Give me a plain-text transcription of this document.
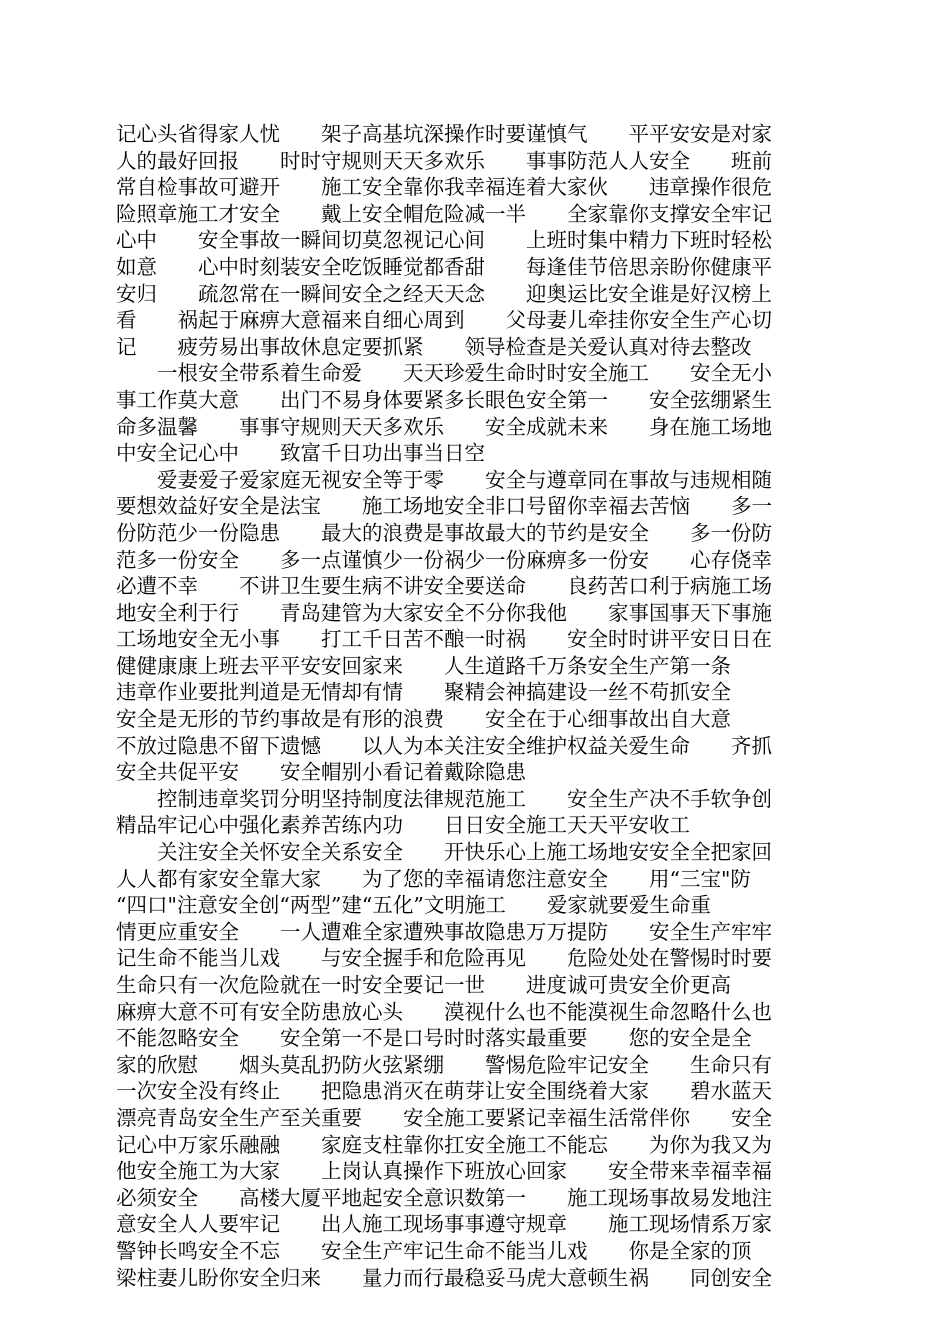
记心头省得家人忧　　架子高基坑深操作时要谨慎气　　平平安安是对家
人的最好回报　　时时守规则天天多欢乐　　事事防范人人安全　　班前
常自检事故可避开　　施工安全靠你我幸福连着大家伙　　违章操作很危
险照章施工才安全　　戴上安全帽危险减一半　　全家靠你支撑安全牢记
心中　　安全事故一瞬间切莫忽视记心间　　上班时集中精力下班时轻松
如意　　心中时刻装安全吃饭睡觉都香甜　　每逢佳节倍思亲盼你健康平
安归　　疏忽常在一瞬间安全之经天天念　　迎奥运比安全谁是好汉榜上
看　　祸起于麻痹大意福来自细心周到　　父母妻儿牵挂你安全生产心切
记　　疲劳易出事故休息定要抓紧　　领导检查是关爱认真对待去整改
　　一根安全带系着生命爱　　天天珍爱生命时时安全施工　　安全无小
事工作莫大意　　出门不易身体要紧多长眼色安全第一　　安全弦绷紧生
命多温馨　　事事守规则天天多欢乐　　安全成就未来　　身在施工场地
中安全记心中　　致富千日功出事当日空
　　爱妻爱子爱家庭无视安全等于零　　安全与遵章同在事故与违规相随
要想效益好安全是法宝　　施工场地安全非口号留你幸福去苦恼　　多一
份防范少一份隐患　　最大的浪费是事故最大的节约是安全　　多一份防
范多一份安全　　多一点谨慎少一份祸少一份麻痹多一份安　　心存侥幸
必遭不幸　　不讲卫生要生病不讲安全要送命　　良药苦口利于病施工场
地安全利于行　　青岛建管为大家安全不分你我他　　家事国事天下事施
工场地安全无小事　　打工千日苦不酿一时祸　　安全时时讲平安日日在
健健康康上班去平平安安回家来　　人生道路千万条安全生产第一条
违章作业要批判道是无情却有情　　聚精会神搞建设一丝不苟抓安全
安全是无形的节约事故是有形的浪费　　安全在于心细事故出自大意
不放过隐患不留下遗憾　　以人为本关注安全维护权益关爱生命　　齐抓
安全共促平安　　安全帽别小看记着戴除隐患
　　控制违章奖罚分明坚持制度法律规范施工　　安全生产决不手软争创
精品牢记心中强化素养苦练内功　　日日安全施工天天平安收工
　　关注安全关怀安全关系安全　　开快乐心上施工场地安安全全把家回
人人都有家安全靠大家　　为了您的幸福请您注意安全　　用“三宝"防
“四口"注意安全创“两型”建“五化”文明施工　　爱家就要爱生命重
情更应重安全　　一人遭难全家遭殃事故隐患万万提防　　安全生产牢牢
记生命不能当儿戏　　与安全握手和危险再见　　危险处处在警惕时时要
生命只有一次危险就在一时安全要记一世　　进度诚可贵安全价更高
麻痹大意不可有安全防患放心头　　漠视什么也不能漠视生命忽略什么也
不能忽略安全　　安全第一不是口号时时落实最重要　　您的安全是全
家的欣慰　　烟头莫乱扔防火弦紧绷　　警惕危险牢记安全　　生命只有
一次安全没有终止　　把隐患消灭在萌芽让安全围绕着大家　　碧水蓝天
漂亮青岛安全生产至关重要　　安全施工要紧记幸福生活常伴你　　安全
记心中万家乐融融　　家庭支柱靠你扛安全施工不能忘　　为你为我又为
他安全施工为大家　　上岗认真操作下班放心回家　　安全带来幸福幸福
必须安全　　高楼大厦平地起安全意识数第一　　施工现场事故易发地注
意安全人人要牢记　　出人施工现场事事遵守规章　　施工现场情系万家
警钟长鸣安全不忘　　安全生产牢记生命不能当儿戏　　你是全家的顶
梁柱妻儿盼你安全归来　　量力而行最稳妥马虎大意顿生祸　　同创安全
